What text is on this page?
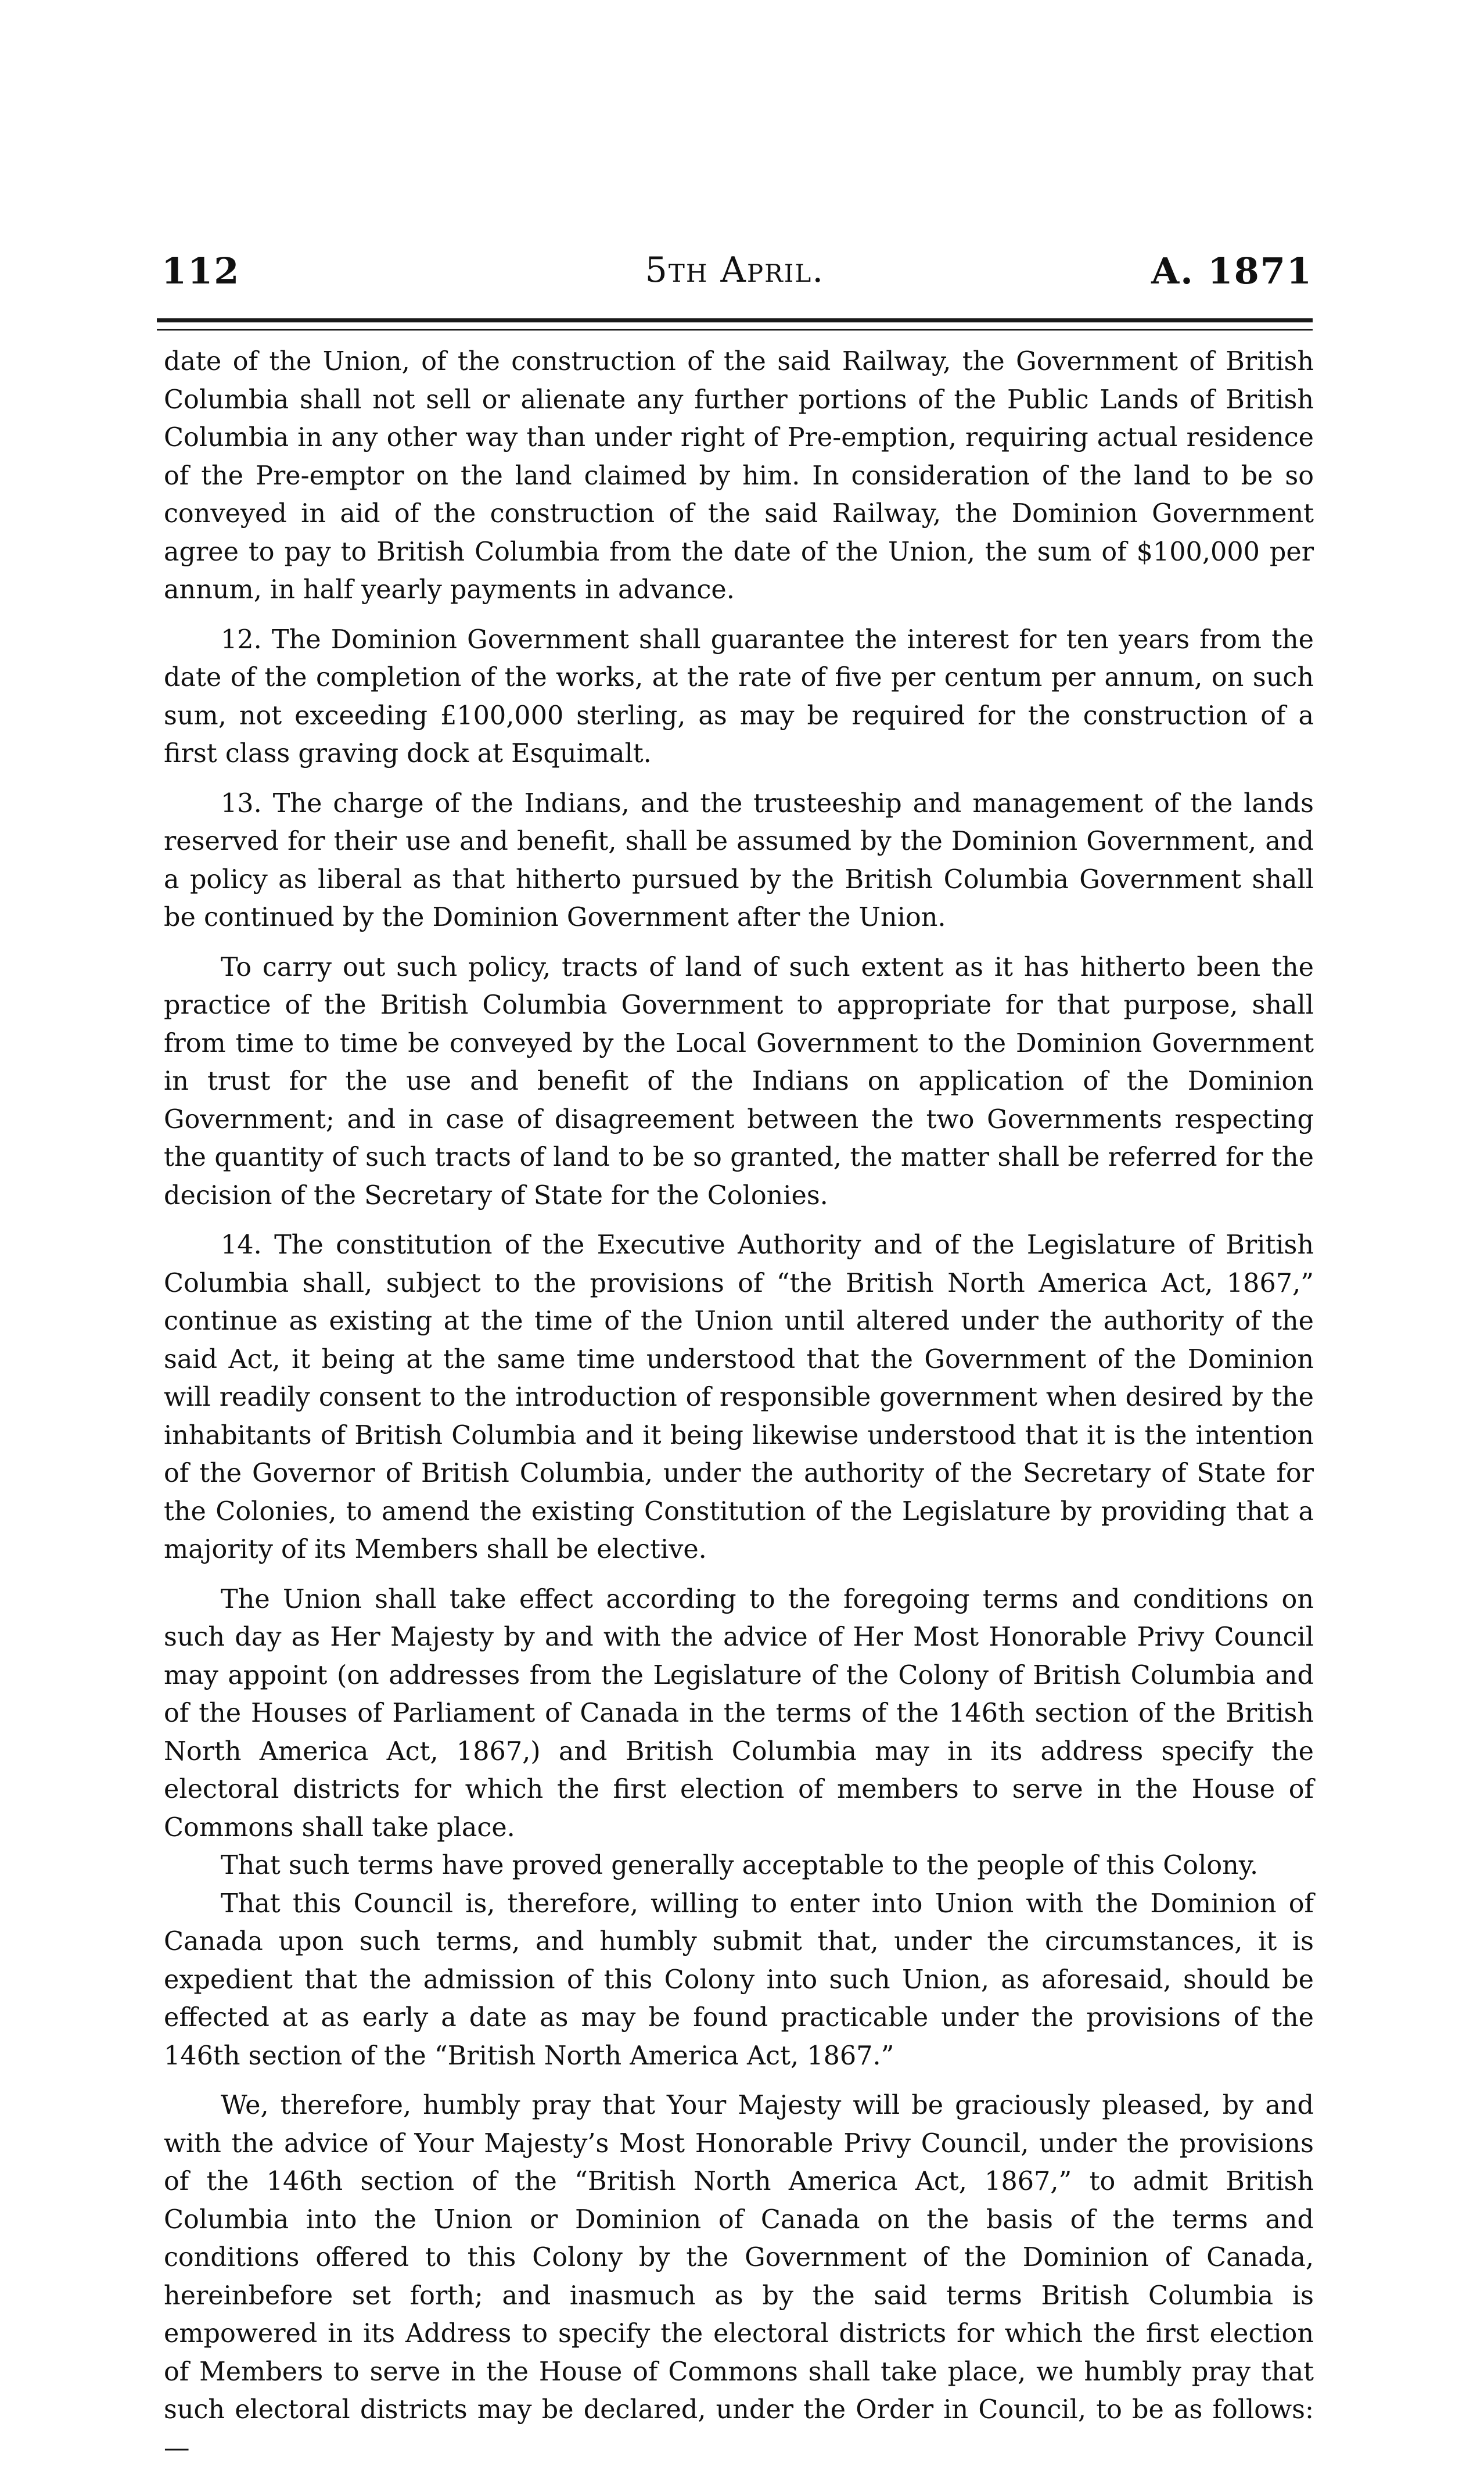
112	5th April.	A. 1871

date of the Union, of the construction of the said Railway, the Government of British Columbia shall not sell or alienate any further portions of the Public Lands of British Columbia in any other way than under right of Pre-emption, requiring actual residence of the Pre-emptor on the land claimed by him. In consideration of the land to be so conveyed in aid of the construction of the said Railway, the Dominion Government agree to pay to British Columbia from the date of the Union, the sum of $100,000 per annum, in half yearly payments in advance.

12. The Dominion Government shall guarantee the interest for ten years from the date of the completion of the works, at the rate of five per centum per annum, on such sum, not exceeding £100,000 sterling, as may be required for the construction of a first class graving dock at Esquimalt.

13. The charge of the Indians, and the trusteeship and management of the lands reserved for their use and benefit, shall be assumed by the Dominion Government, and a policy as liberal as that hitherto pursued by the British Columbia Government shall be continued by the Dominion Government after the Union.

To carry out such policy, tracts of land of such extent as it has hitherto been the practice of the British Columbia Government to appropriate for that purpose, shall from time to time be conveyed by the Local Government to the Dominion Government in trust for the use and benefit of the Indians on application of the Dominion Government; and in case of disagreement between the two Governments respecting the quantity of such tracts of land to be so granted, the matter shall be referred for the decision of the Secretary of State for the Colonies.

14. The constitution of the Executive Authority and of the Legislature of British Columbia shall, subject to the provisions of “the British North America Act, 1867,” continue as existing at the time of the Union until altered under the authority of the said Act, it being at the same time understood that the Government of the Dominion will readily consent to the introduction of responsible government when desired by the inhabitants of British Columbia and it being likewise understood that it is the intention of the Governor of British Columbia, under the authority of the Secretary of State for the Colonies, to amend the existing Constitution of the Legislature by providing that a majority of its Members shall be elective.

The Union shall take effect according to the foregoing terms and conditions on such day as Her Majesty by and with the advice of Her Most Honorable Privy Council may appoint (on addresses from the Legislature of the Colony of British Columbia and of the Houses of Parliament of Canada in the terms of the 146th section of the British North America Act, 1867,) and British Columbia may in its address specify the electoral districts for which the first election of members to serve in the House of Commons shall take place.

That such terms have proved generally acceptable to the people of this Colony.

That this Council is, therefore, willing to enter into Union with the Dominion of Canada upon such terms, and humbly submit that, under the circumstances, it is expedient that the admission of this Colony into such Union, as aforesaid, should be effected at as early a date as may be found practicable under the provisions of the 146th section of the “British North America Act, 1867.”

We, therefore, humbly pray that Your Majesty will be graciously pleased, by and with the advice of Your Majesty’s Most Honorable Privy Council, under the provisions of the 146th section of the “British North America Act, 1867,” to admit British Columbia into the Union or Dominion of Canada on the basis of the terms and conditions offered to this Colony by the Government of the Dominion of Canada, hereinbefore set forth; and inasmuch as by the said terms British Columbia is empowered in its Address to specify the electoral districts for which the first election of Members to serve in the House of Commons shall take place, we humbly pray that such electoral districts may be declared, under the Order in Council, to be as follows:—
